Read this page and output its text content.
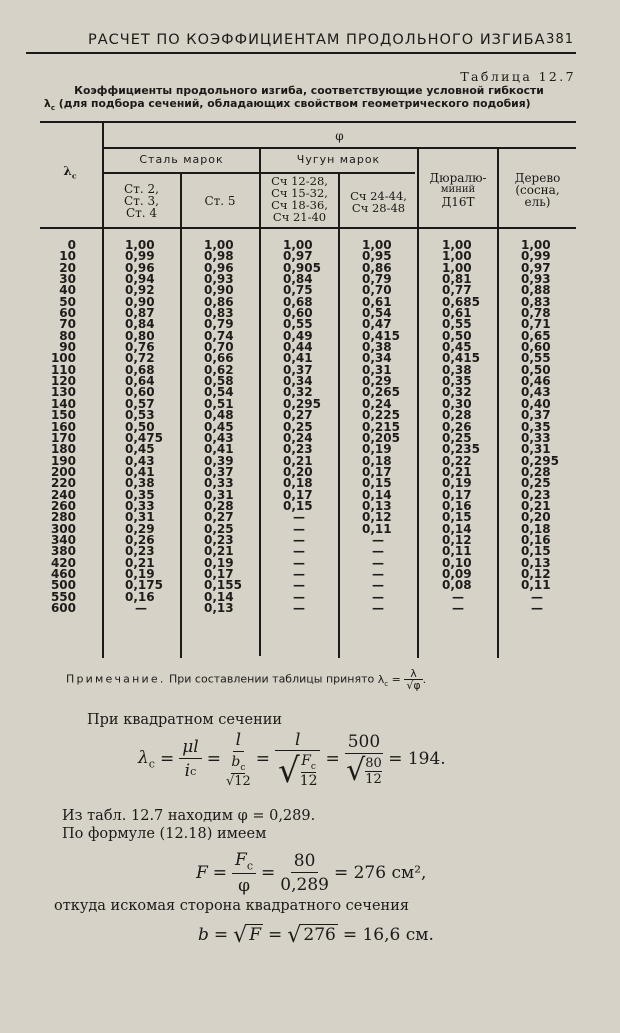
РАСЧЕТ ПО КОЭФФИЦИЕНТАМ ПРОДОЛЬНОГО ИЗГИБА 381
Таблица 12.7
Коэффициенты продольного изгиба, соответствующие условной гибкости
$\lambda_c$ (для подбора сечений, обладающих свойством геометрического подобия)
$\lambda_c$
φ
Сталь марок	Чугун марок
Ст. 2,
Ст. 3,
Ст. 4
Ст. 5
Сч 12-28,
Сч 15-32,
Сч 18-36,
Сч 21-40
Сч 24-44,
Сч 28-48
Дюралю-
миний
Д16Т
Дерево
(сосна,
ель)
0
10
20
30
40
50
60
70
80
90
100
110
120
130
140
150
160
170
180
190
200
220
240
260
280
300
340
380
420
460
500
550
600
1,00
0,99
0,96
0,94
0,92
0,90
0,87
0,84
0,80
0,76
0,72
0,68
0,64
0,60
0,57
0,53
0,50
0,475
0,45
0,43
0,41
0,38
0,35
0,33
0,31
0,29
0,26
0,23
0,21
0,19
0,175
0,16
—
1,00
0,98
0,96
0,93
0,90
0,86
0,83
0,79
0,74
0,70
0,66
0,62
0,58
0,54
0,51
0,48
0,45
0,43
0,41
0,39
0,37
0,33
0,31
0,28
0,27
0,25
0,23
0,21
0,19
0,17
0,155
0,14
0,13
1,00
0,97
0,905
0,84
0,75
0,68
0,60
0,55
0,49
0,44
0,41
0,37
0,34
0,32
0,295
0,27
0,25
0,24
0,23
0,21
0,20
0,18
0,17
0,15
—
—
—
—
—
—
—
—
—
1,00
0,95
0,86
0,79
0,70
0,61
0,54
0,47
0,415
0,38
0,34
0,31
0,29
0,265
0,24
0,225
0,215
0,205
0,19
0,18
0,17
0,15
0,14
0,13
0,12
0,11
—
—
—
—
—
—
—
1,00
1,00
1,00
0,81
0,77
0,685
0,61
0,55
0,50
0,45
0,415
0,38
0,35
0,32
0,30
0,28
0,26
0,25
0,235
0,22
0,21
0,19
0,17
0,16
0,15
0,14
0,12
0,11
0,10
0,09
0,08
—
—
1,00
0,99
0,97
0,93
0,88
0,83
0,78
0,71
0,65
0,60
0,55
0,50
0,46
0,43
0,40
0,37
0,35
0,33
0,31
0,295
0,28
0,25
0,23
0,21
0,20
0,18
0,16
0,15
0,13
0,12
0,11
—
—
Примечание. При составлении таблицы принято $\lambda_c = \frac{\lambda}{√\varphi}$ .
При квадратном сечении
$\lambda_c = \frac{\mu l}{\text{i c}} = l$
$b_c$
√12 = l
√ $F_c$
12 = 500
√ 80
12 = 194.
Из табл. 12.7 находим φ = 0,289.
По формуле (12.18) имеем
$F = \frac{F_c}{\varphi} = \frac{80}{0,289} = 276$ см²,
откуда искомая сторона квадратного сечения
b = √ F = √ 276 = 16,6 см.
